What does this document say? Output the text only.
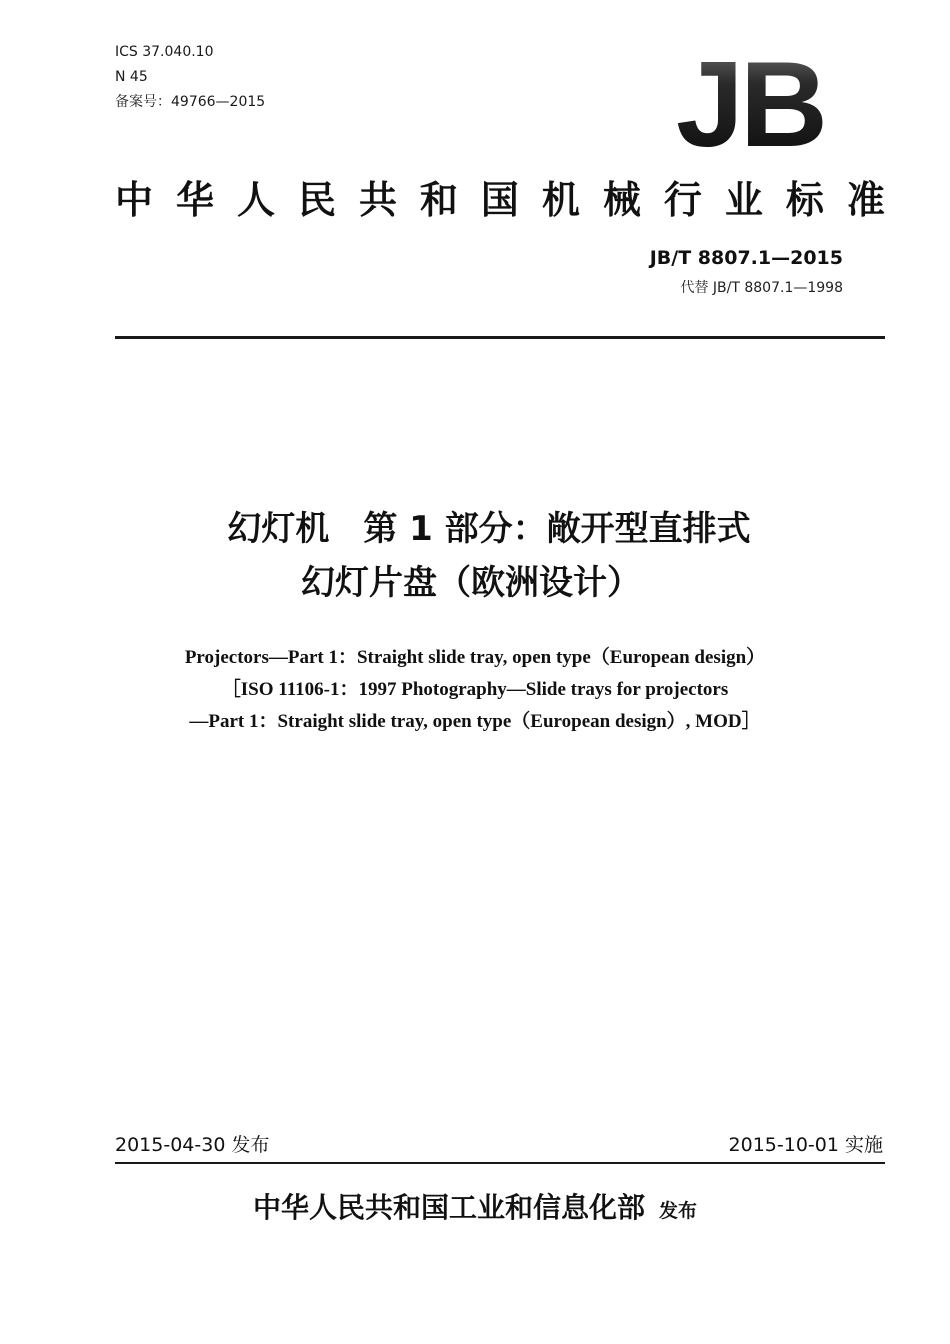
ICS 37.040.10
N 45
备案号：49766—2015	JB
中 华 人 民 共 和 国 机 械 行 业 标 准
JB/T 8807.1—2015
代替 JB/T 8807.1—1998
幻灯机　第 1 部分：敞开型直排式
幻灯片盘（欧洲设计）
Projectors—Part 1：Straight slide tray, open type（European design）
［ISO 11106-1：1997 Photography—Slide trays for projectors
—Part 1：Straight slide tray, open type（European design）, MOD］
2015-04-30 发布	2015-10-01 实施
中华人民共和国工业和信息化部 发布
